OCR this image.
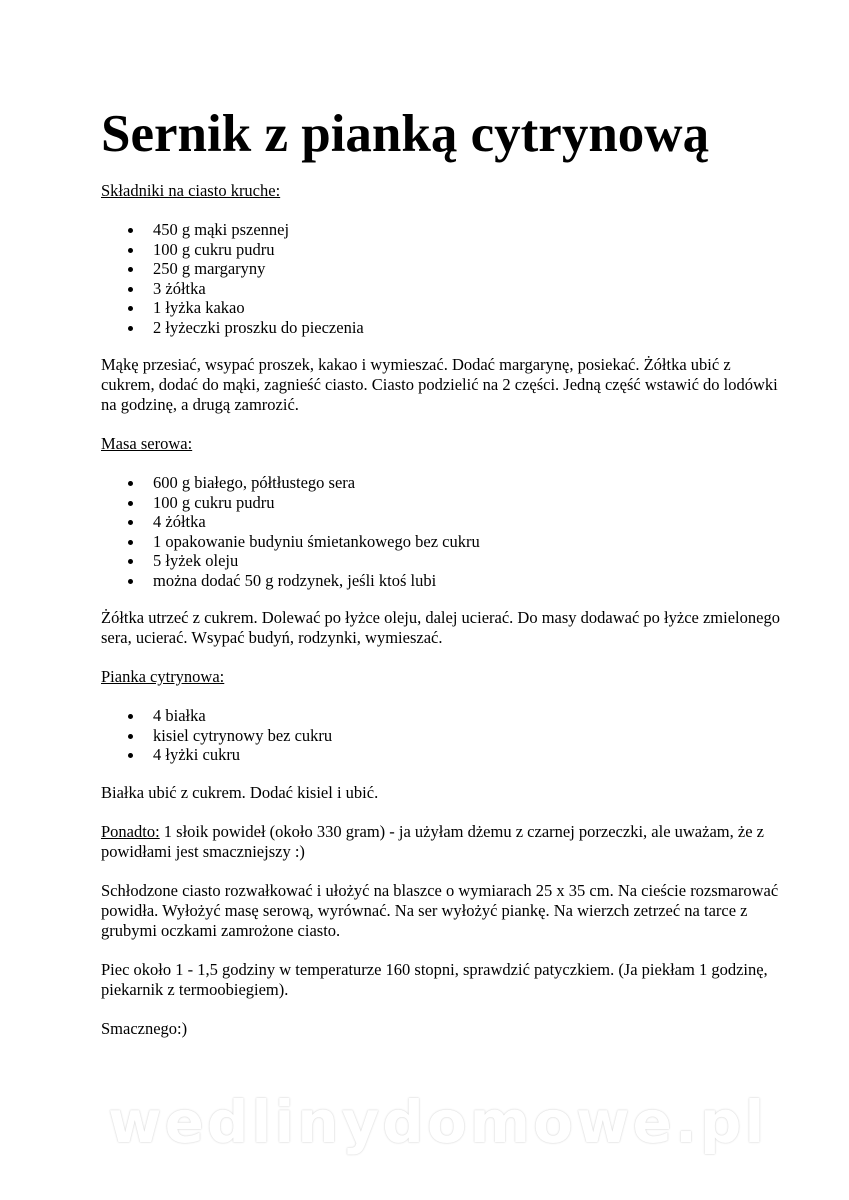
Sernik z pianką cytrynową

Składniki na ciasto kruche:

450 g mąki pszennej
100 g cukru pudru
250 g margaryny
3 żółtka
1 łyżka kakao
2 łyżeczki proszku do pieczenia

Mąkę przesiać, wsypać proszek, kakao i wymieszać. Dodać margarynę, posiekać. Żółtka ubić z cukrem, dodać do mąki, zagnieść ciasto. Ciasto podzielić na 2 części. Jedną część wstawić do lodówki na godzinę, a drugą zamrozić.

Masa serowa:

600 g białego, półtłustego sera
100 g cukru pudru
4 żółtka
1 opakowanie budyniu śmietankowego bez cukru
5 łyżek oleju
można dodać 50 g rodzynek, jeśli ktoś lubi

Żółtka utrzeć z cukrem. Dolewać po łyżce oleju, dalej ucierać. Do masy dodawać po łyżce zmielonego sera, ucierać. Wsypać budyń, rodzynki, wymieszać.

Pianka cytrynowa:

4 białka
kisiel cytrynowy bez cukru
4 łyżki cukru

Białka ubić z cukrem. Dodać kisiel i ubić.

Ponadto: 1 słoik powideł (około 330 gram) - ja użyłam dżemu z czarnej porzeczki, ale uważam, że z powidłami jest smaczniejszy :)

Schłodzone ciasto rozwałkować i ułożyć na blaszce o wymiarach 25 x 35 cm. Na cieście rozsmarować powidła. Wyłożyć masę serową, wyrównać. Na ser wyłożyć piankę. Na wierzch zetrzeć na tarce z grubymi oczkami zamrożone ciasto.

Piec około 1 - 1,5 godziny w temperaturze 160 stopni, sprawdzić patyczkiem. (Ja piekłam 1 godzinę, piekarnik z termoobiegiem).

Smacznego:)

wedlinydomowe.pl
